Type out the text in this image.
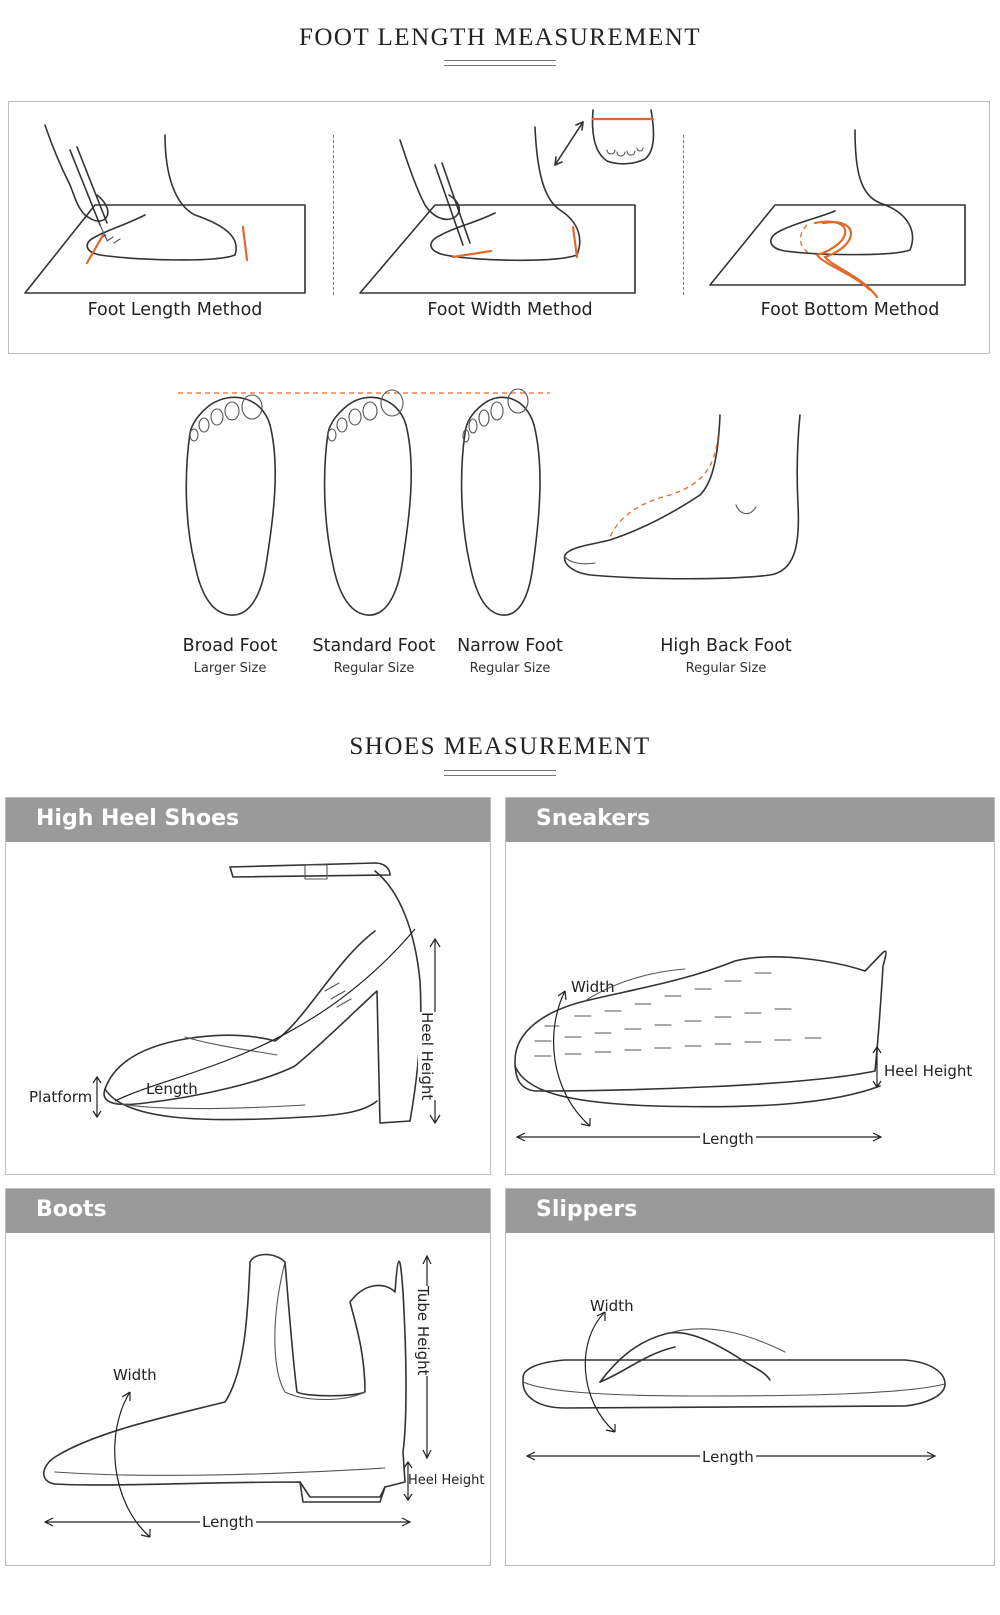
FOOT LENGTH MEASUREMENT
Foot Length Method	Foot Width Method	Foot Bottom Method
Broad Foot
Larger Size
Standard Foot
Regular Size
Narrow Foot
Regular Size
High Back Foot
Regular Size
SHOES MEASUREMENT
High Heel Shoes
Platform	Length	Heel Height
Sneakers
Width
Heel Height
Length
Boots
Width	Tube Height
Heel Height
Length
Slippers
Width
Length
